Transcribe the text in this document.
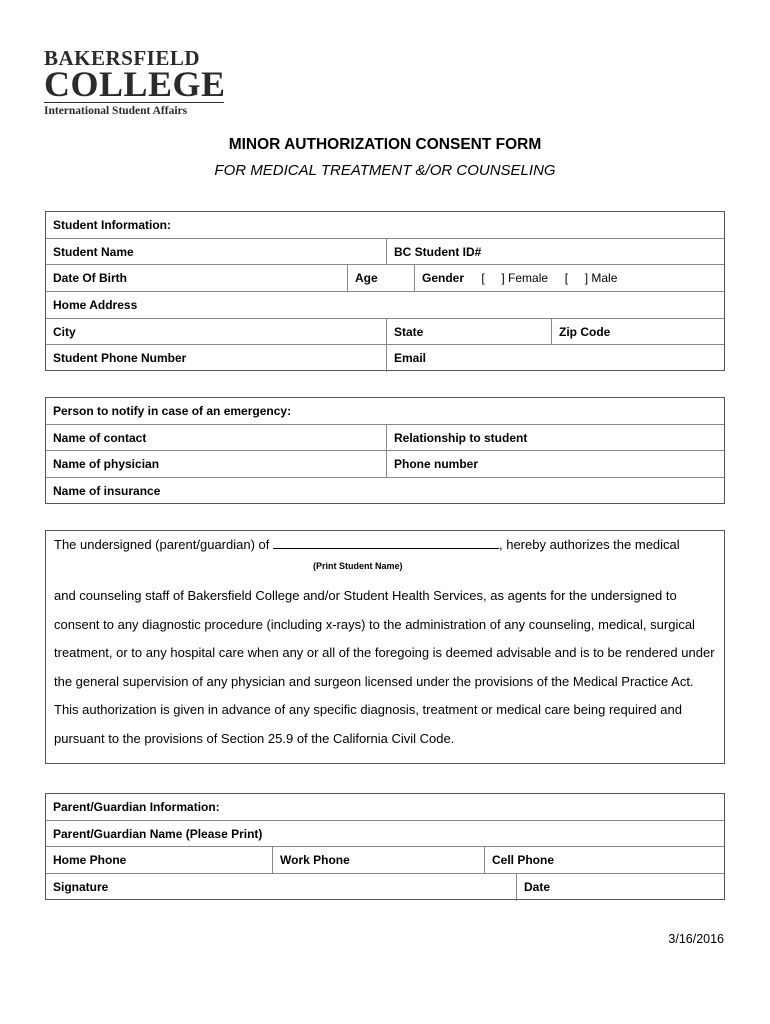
BAKERSFIELD
COLLEGE
International Student Affairs
MINOR AUTHORIZATION CONSENT FORM
FOR MEDICAL TREATMENT &/OR COUNSELING
Student Information:
Student Name	BC Student ID#
Date Of Birth	Age	Gender [     ] Female     [     ] Male
Home Address
City	State	Zip Code
Student Phone Number	Email
Person to notify in case of an emergency:
Name of contact	Relationship to student
Name of physician	Phone number
Name of insurance
The undersigned (parent/guardian) of	, hereby authorizes the medical
(Print Student Name)
and counseling staff of Bakersfield College and/or Student Health Services, as agents for the undersigned to consent to any diagnostic procedure (including x-rays) to the administration of any counseling, medical, surgical treatment, or to any hospital care when any or all of the foregoing is deemed advisable and is to be rendered under the general supervision of any physician and surgeon licensed under the provisions of the Medical Practice Act. This authorization is given in advance of any specific diagnosis, treatment or medical care being required and pursuant to the provisions of Section 25.9 of the California Civil Code.
Parent/Guardian Information:
Parent/Guardian Name (Please Print)
Home Phone	Work Phone	Cell Phone
Signature	Date
3/16/2016
